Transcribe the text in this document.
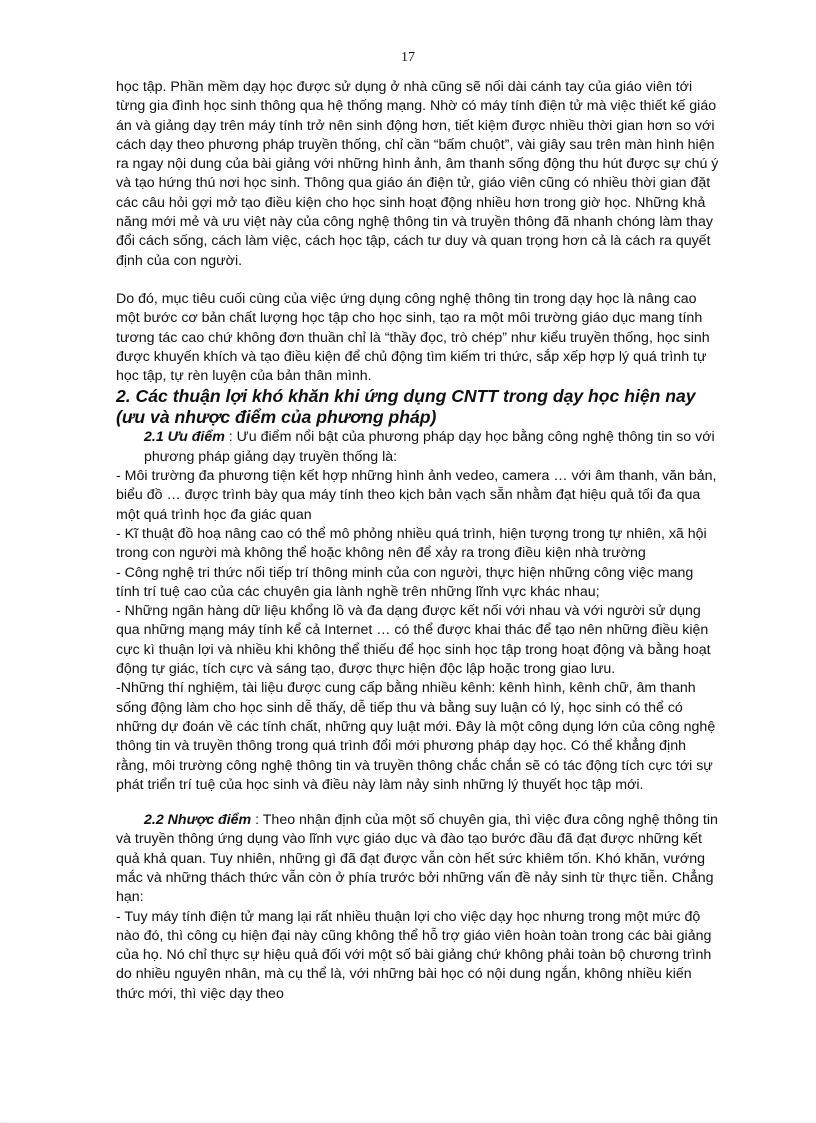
17

học tập. Phần mềm dạy học được sử dụng ở nhà cũng sẽ nối dài cánh tay của giáo viên tới từng gia đình học sinh thông qua hệ thống mạng. Nhờ có máy tính điện tử mà việc thiết kế giáo án và giảng dạy trên máy tính trở nên sinh động hơn, tiết kiệm được nhiều thời gian hơn so với cách dạy theo phương pháp truyền thống, chỉ cần “bấm chuột”, vài giây sau trên màn hình hiện ra ngay nội dung của bài giảng với những hình ảnh, âm thanh sống động thu hút được sự chú ý và tạo hứng thú nơi học sinh. Thông qua giáo án điện tử, giáo viên cũng có nhiều thời gian đặt các câu hỏi gợi mở tạo điều kiện cho học sinh hoạt động nhiều hơn trong giờ học. Những khả năng mới mẻ và ưu việt này của công nghệ thông tin và truyền thông đã nhanh chóng làm thay đổi cách sống, cách làm việc, cách học tập, cách tư duy và quan trọng hơn cả là cách ra quyết định của con người.

Do đó, mục tiêu cuối cùng của việc ứng dụng công nghệ thông tin trong dạy học là nâng cao một bước cơ bản chất lượng học tập cho học sinh, tạo ra một môi trường giáo dục mang tính tương tác cao chứ không đơn thuần chỉ là “thầy đọc, trò chép” như kiểu truyền thống, học sinh được khuyến khích và tạo điều kiện để chủ động tìm kiếm tri thức, sắp xếp hợp lý quá trình tự học tập, tự rèn luyện của bản thân mình.

2. Các thuận lợi khó khăn khi ứng dụng CNTT trong dạy học hiện nay (ưu và nhược điểm của phương pháp)

2.1 Ưu điểm : Ưu điểm nổi bật của phương pháp dạy học bằng công nghệ thông tin so với phương pháp giảng dạy truyền thống là:

- Môi trường đa phương tiện kết hợp những hình ảnh vedeo, camera … với âm thanh, văn bản, biểu đồ … được trình bày qua máy tính theo kịch bản vạch sẵn nhằm đạt hiệu quả tối đa qua một quá trình học đa giác quan

- Kĩ thuật đồ hoạ nâng cao có thể mô phỏng nhiều quá trình, hiện tượng trong tự nhiên, xã hội trong con người mà không thể hoặc không nên để xảy ra trong điều kiện nhà trường

- Công nghệ tri thức nối tiếp trí thông minh của con người, thực hiện những công việc mang tính trí tuệ cao của các chuyên gia lành nghề trên những lĩnh vực khác nhau;

- Những ngân hàng dữ liệu khổng lồ và đa dạng được kết nối với nhau và với người sử dụng qua những mạng máy tính kể cả Internet … có thể được khai thác để tạo nên những điều kiện cực kì thuận lợi và nhiều khi không thể thiếu để học sinh học tập trong hoạt động và bằng hoạt động tự giác, tích cực và sáng tạo, được thực hiện độc lập hoặc trong giao lưu.

-Những thí nghiệm, tài liệu được cung cấp bằng nhiều kênh: kênh hình, kênh chữ, âm thanh sống động làm cho học sinh dễ thấy, dễ tiếp thu và bằng suy luận có lý, học sinh có thể có những dự đoán về các tính chất, những quy luật mới. Đây là một công dụng lớn của công nghệ thông tin và truyền thông trong quá trình đổi mới phương pháp dạy học. Có thể khẳng định rằng, môi trường công nghệ thông tin và truyền thông chắc chắn sẽ có tác động tích cực tới sự phát triển trí tuệ của học sinh và điều này làm nảy sinh những lý thuyết học tập mới.

2.2 Nhược điểm : Theo nhận định của một số chuyên gia, thì việc đưa công nghệ thông tin và truyền thông ứng dụng vào lĩnh vực giáo dục và đào tạo bước đầu đã đạt được những kết quả khả quan. Tuy nhiên, những gì đã đạt được vẫn còn hết sức khiêm tốn. Khó khăn, vướng mắc và những thách thức vẫn còn ở phía trước bởi những vấn đề nảy sinh từ thực tiễn. Chẳng hạn:

- Tuy máy tính điện tử mang lại rất nhiều thuận lợi cho việc dạy học nhưng trong một mức độ nào đó, thì công cụ hiện đại này cũng không thể hỗ trợ giáo viên hoàn toàn trong các bài giảng của họ. Nó chỉ thực sự hiệu quả đối với một số bài giảng chứ không phải toàn bộ chương trình do nhiều nguyên nhân, mà cụ thể là, với những bài học có nội dung ngắn, không nhiều kiến thức mới, thì việc dạy theo
